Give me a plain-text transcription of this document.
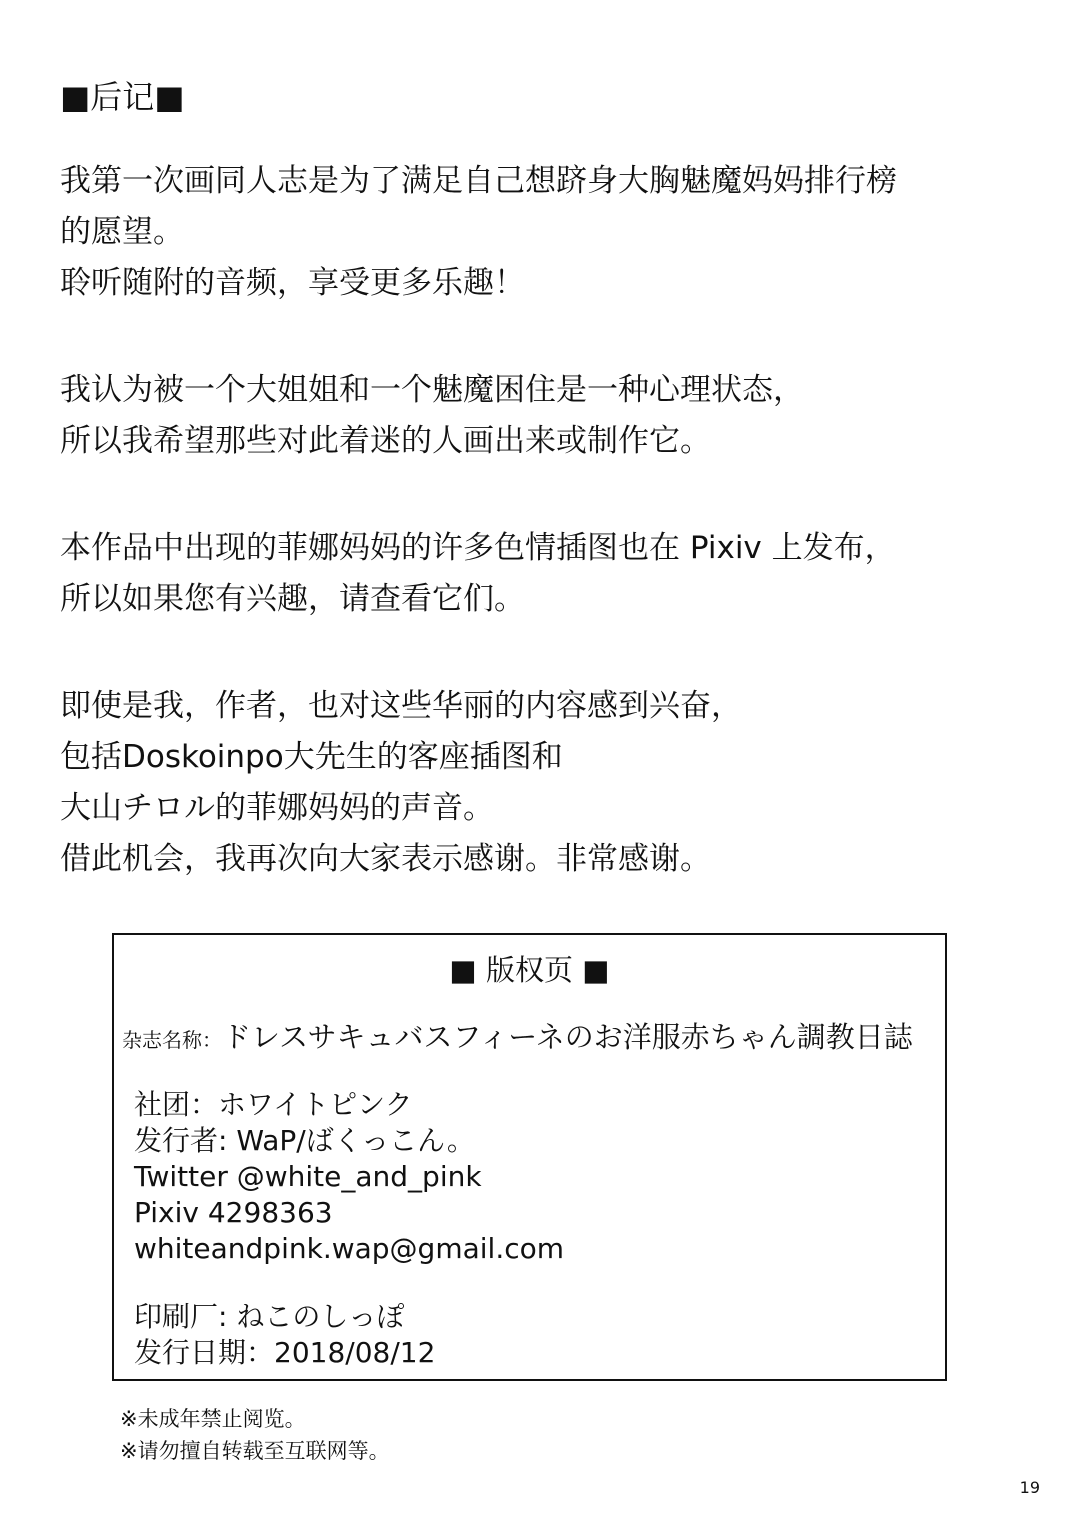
■后记■
我第一次画同人志是为了满足自己想跻身大胸魅魔妈妈排行榜
的愿望。
聆听随附的音频，享受更多乐趣！
我认为被一个大姐姐和一个魅魔困住是一种心理状态，
所以我希望那些对此着迷的人画出来或制作它。
本作品中出现的菲娜妈妈的许多色情插图也在 Pixiv 上发布，
所以如果您有兴趣，请查看它们。
即使是我，作者，也对这些华丽的内容感到兴奋，
包括Doskoinpo大先生的客座插图和
大山チロル的菲娜妈妈的声音。
借此机会，我再次向大家表示感谢。非常感谢。
■ 版权页 ■
杂志名称：ドレスサキュバスフィーネのお洋服赤ちゃん調教日誌
社团：ホワイトピンク
发行者: WaP/ばくっこん。
Twitter @white_and_pink
Pixiv 4298363
whiteandpink.wap@gmail.com
印刷厂: ねこのしっぽ
发行日期：2018/08/12
※未成年禁止阅览。
※请勿擅自转载至互联网等。
19
